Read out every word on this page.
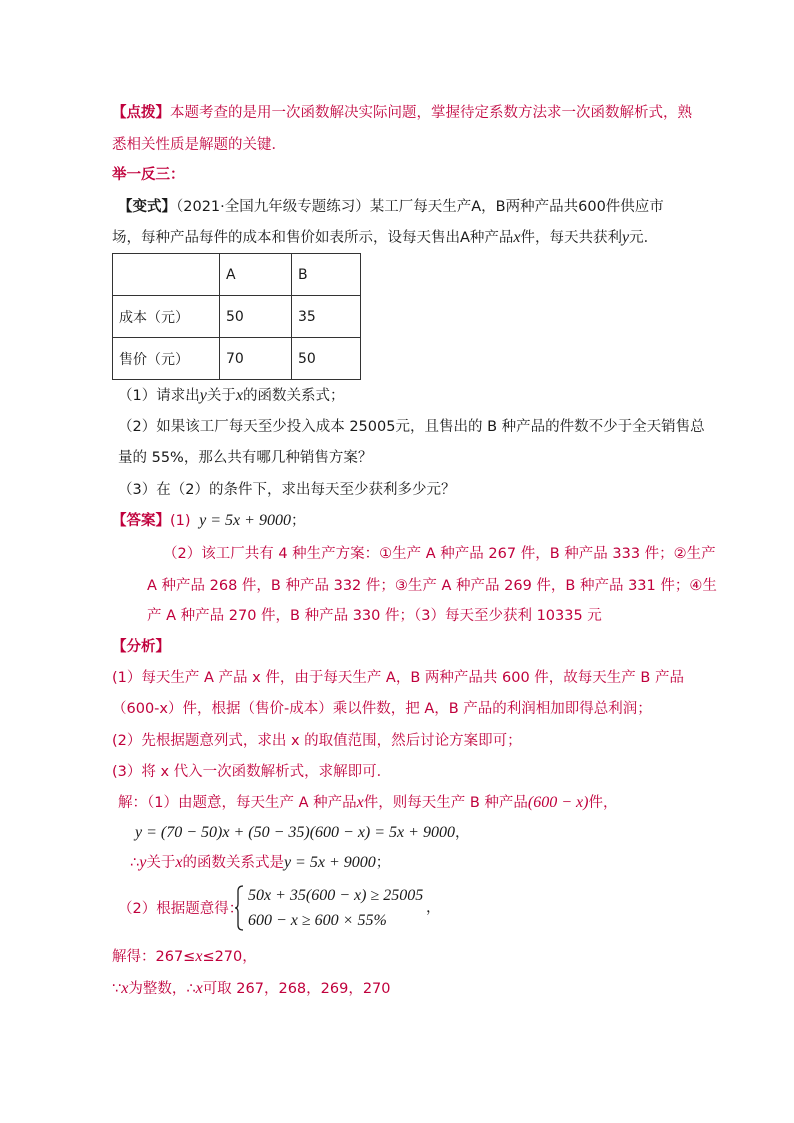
【点拨】本题考查的是用一次函数解决实际问题，掌握待定系数方法求一次函数解析式，熟
悉相关性质是解题的关键．
举一反三：
【变式】（2021·全国九年级专题练习）某工厂每天生产A，B两种产品共600件供应市
场，每种产品每件的成本和售价如表所示，设每天售出A种产品x件，每天共获利y元．
	A	B
成本（元）	50	35
售价（元）	70	50
（1）请求出y关于x的函数关系式；
（2）如果该工厂每天至少投入成本 25005元，且售出的 B 种产品的件数不少于全天销售总
量的 55%，那么共有哪几种销售方案？
（3）在（2）的条件下，求出每天至少获利多少元？
【答案】(1) y = 5x + 9000；
（2）该工厂共有 4 种生产方案：①生产 A 种产品 267 件，B 种产品 333 件；②生产
A 种产品 268 件，B 种产品 332 件；③生产 A 种产品 269 件，B 种产品 331 件；④生
产 A 种产品 270 件，B 种产品 330 件；（3）每天至少获利 10335 元
【分析】
(1）每天生产 A 产品 x 件，由于每天生产 A，B 两种产品共 600 件，故每天生产 B 产品
（600-x）件，根据（售价-成本）乘以件数，把 A，B 产品的利润相加即得总利润；
(2）先根据题意列式，求出 x 的取值范围，然后讨论方案即可；
(3）将 x 代入一次函数解析式，求解即可．
解：（1）由题意，每天生产 A 种产品x件，则每天生产 B 种产品(600 − x)件，
y = (70 − 50)x + (50 − 35)(600 − x) = 5x + 9000，
∴y关于x的函数关系式是y = 5x + 9000；
（2）根据题意得：
50x + 35(600 − x) ≥ 25005
600 − x ≥ 600 × 55%
，
解得：267≤x≤270，
∵x为整数，∴x可取 267，268，269，270
